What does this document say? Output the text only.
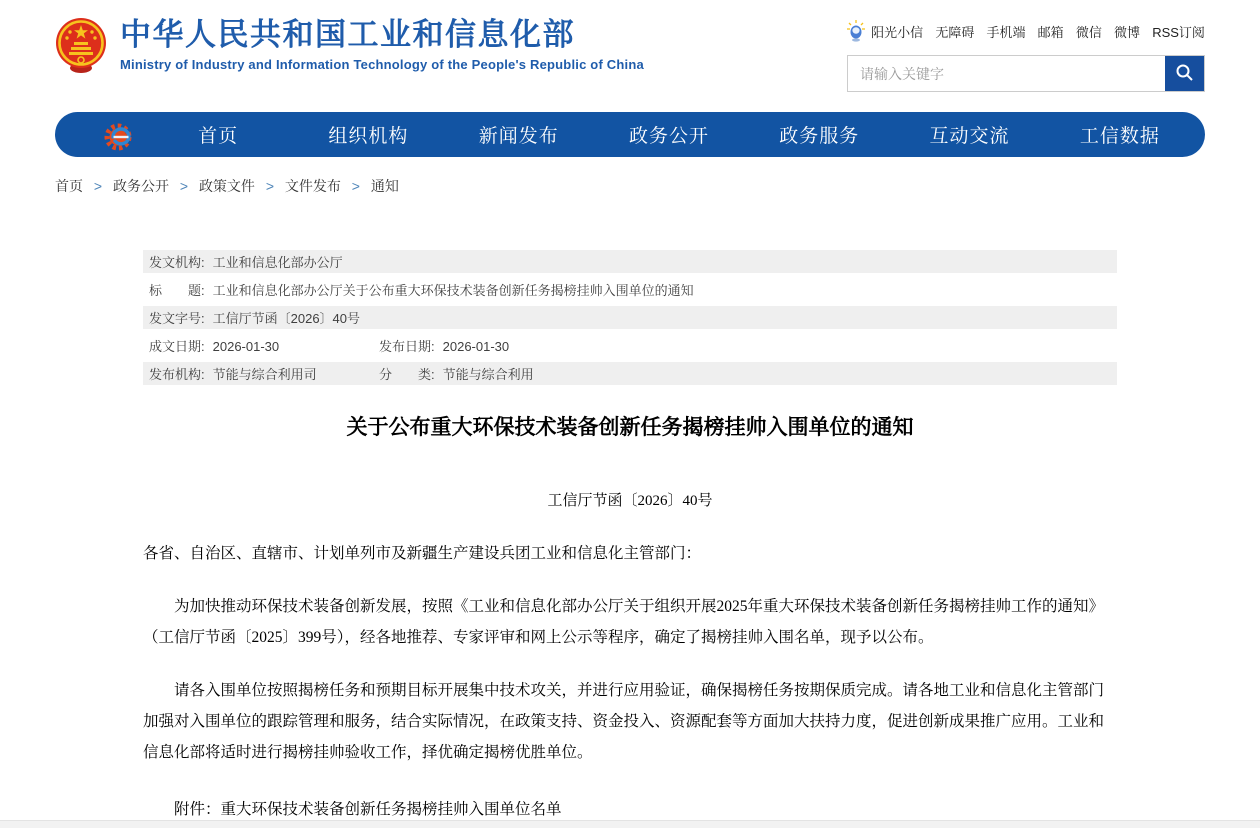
中华人民共和国工业和信息化部
Ministry of Industry and Information Technology of the People's Republic of China
阳光小信 无障碍 手机端 邮箱 微信 微博 RSS订阅
请输入关键字
首页	组织机构	新闻发布	政务公开	政务服务	互动交流	工信数据
首页 > 政务公开 > 政策文件 > 文件发布 > 通知
发文机构: 工业和信息化部办公厅
标　　题: 工业和信息化部办公厅关于公布重大环保技术装备创新任务揭榜挂帅入围单位的通知
发文字号: 工信厅节函〔2026〕40号
成文日期: 2026-01-30	发布日期: 2026-01-30
发布机构: 节能与综合利用司	分　　类: 节能与综合利用
关于公布重大环保技术装备创新任务揭榜挂帅入围单位的通知
工信厅节函〔2026〕40号

各省、自治区、直辖市、计划单列市及新疆生产建设兵团工业和信息化主管部门：

为加快推动环保技术装备创新发展，按照《工业和信息化部办公厅关于组织开展2025年重大环保技术装备创新任务揭榜挂帅工作的通知》（工信厅节函〔2025〕399号），经各地推荐、专家评审和网上公示等程序，确定了揭榜挂帅入围名单，现予以公布。

请各入围单位按照揭榜任务和预期目标开展集中技术攻关，并进行应用验证，确保揭榜任务按期保质完成。请各地工业和信息化主管部门加强对入围单位的跟踪管理和服务，结合实际情况，在政策支持、资金投入、资源配套等方面加大扶持力度，促进创新成果推广应用。工业和信息化部将适时进行揭榜挂帅验收工作，择优确定揭榜优胜单位。

附件：重大环保技术装备创新任务揭榜挂帅入围单位名单
